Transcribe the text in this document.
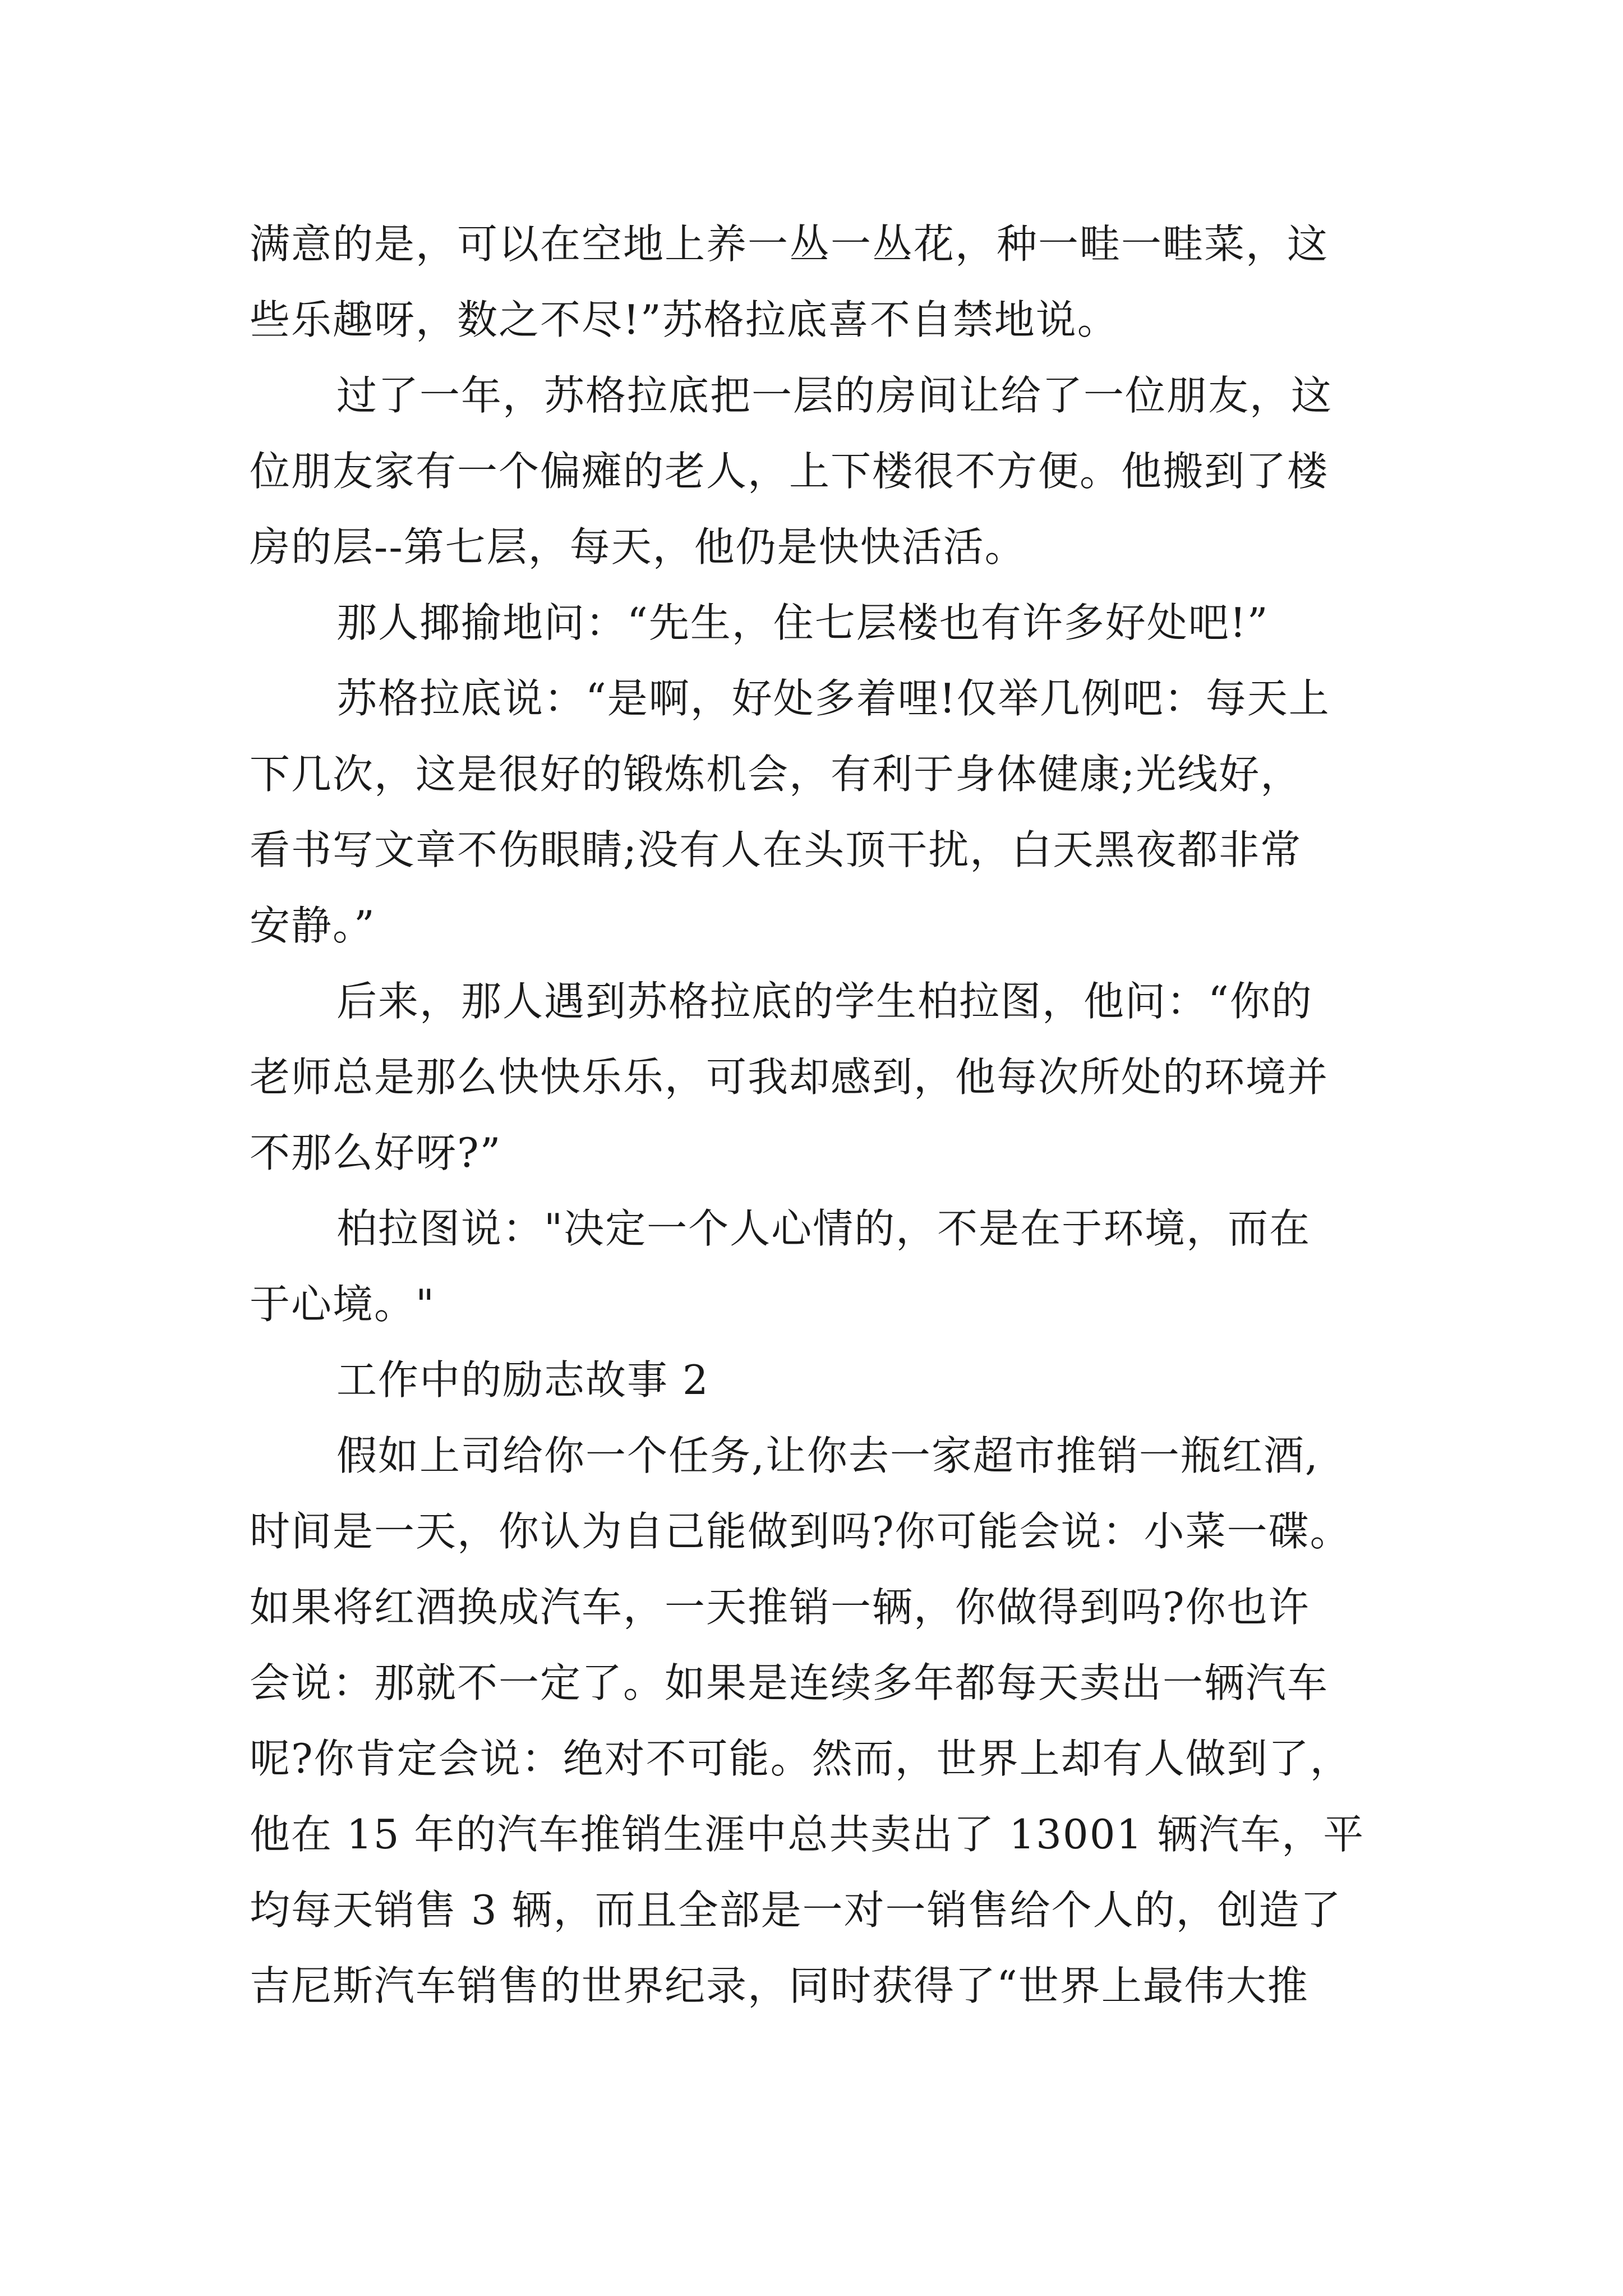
满意的是，可以在空地上养一丛一丛花，种一畦一畦菜，这
些乐趣呀，数之不尽!”苏格拉底喜不自禁地说。
过了一年，苏格拉底把一层的房间让给了一位朋友，这
位朋友家有一个偏瘫的老人，上下楼很不方便。他搬到了楼
房的层--第七层，每天，他仍是快快活活。
那人揶揄地问：“先生，住七层楼也有许多好处吧!”
苏格拉底说：“是啊，好处多着哩!仅举几例吧：每天上
下几次，这是很好的锻炼机会，有利于身体健康;光线好，
看书写文章不伤眼睛;没有人在头顶干扰，白天黑夜都非常
安静。”
后来，那人遇到苏格拉底的学生柏拉图，他问：“你的
老师总是那么快快乐乐，可我却感到，他每次所处的环境并
不那么好呀?”
柏拉图说："决定一个人心情的，不是在于环境，而在
于心境。"
工作中的励志故事 2
假如上司给你一个任务,让你去一家超市推销一瓶红酒,
时间是一天，你认为自己能做到吗?你可能会说：小菜一碟。
如果将红酒换成汽车，一天推销一辆，你做得到吗?你也许
会说：那就不一定了。如果是连续多年都每天卖出一辆汽车
呢?你肯定会说：绝对不可能。然而，世界上却有人做到了，
他在 15 年的汽车推销生涯中总共卖出了 13001 辆汽车，平
均每天销售 3 辆，而且全部是一对一销售给个人的，创造了
吉尼斯汽车销售的世界纪录，同时获得了“世界上最伟大推
